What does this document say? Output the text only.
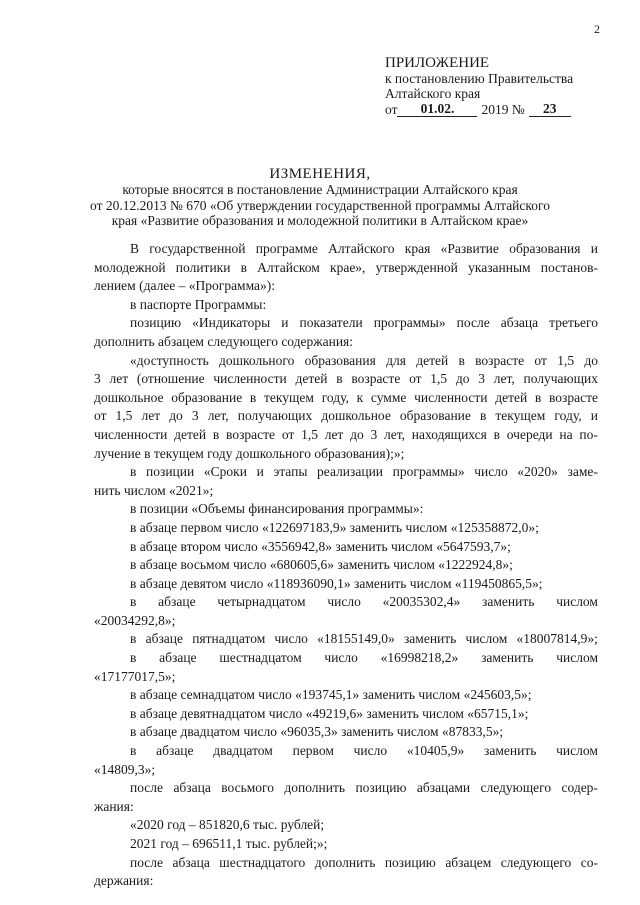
2
ПРИЛОЖЕНИЕ
к постановлению Правительства
Алтайского края
от	01.02.	2019 №	23
ИЗМЕНЕНИЯ,
которые вносятся в постановление Администрации Алтайского края
от 20.12.2013 № 670 «Об утверждении государственной программы Алтайского
края «Развитие образования и молодежной политики в Алтайском крае»
В государственной программе Алтайского края «Развитие образования и
молодежной политики в Алтайском крае», утвержденной указанным постанов-
лением (далее – «Программа»):
в паспорте Программы:
позицию «Индикаторы и показатели программы» после абзаца третьего
дополнить абзацем следующего содержания:
«доступность дошкольного образования для детей в возрасте от 1,5 до
3 лет (отношение численности детей в возрасте от 1,5 до 3 лет, получающих
дошкольное образование в текущем году, к сумме численности детей в возрасте
от 1,5 лет до 3 лет, получающих дошкольное образование в текущем году, и
численности детей в возрасте от 1,5 лет до 3 лет, находящихся в очереди на по-
лучение в текущем году дошкольного образования);»;
в позиции «Сроки и этапы реализации программы» число «2020» заме-
нить числом «2021»;
в позиции «Объемы финансирования программы»:
в абзаце первом число «122697183,9» заменить числом «125358872,0»;
в абзаце втором число «3556942,8» заменить числом «5647593,7»;
в абзаце восьмом число «680605,6» заменить числом «1222924,8»;
в абзаце девятом число «118936090,1» заменить числом «119450865,5»;
в абзаце четырнадцатом число «20035302,4» заменить числом
«20034292,8»;
в абзаце пятнадцатом число «18155149,0» заменить числом «18007814,9»;
в абзаце шестнадцатом число «16998218,2» заменить числом
«17177017,5»;
в абзаце семнадцатом число «193745,1» заменить числом «245603,5»;
в абзаце девятнадцатом число «49219,6» заменить числом «65715,1»;
в абзаце двадцатом число «96035,3» заменить числом «87833,5»;
в абзаце двадцатом первом число «10405,9» заменить числом
«14809,3»;
после абзаца восьмого дополнить позицию абзацами следующего содер-
жания:
«2020 год – 851820,6 тыс. рублей;
2021 год – 696511,1 тыс. рублей;»;
после абзаца шестнадцатого дополнить позицию абзацем следующего со-
держания:
